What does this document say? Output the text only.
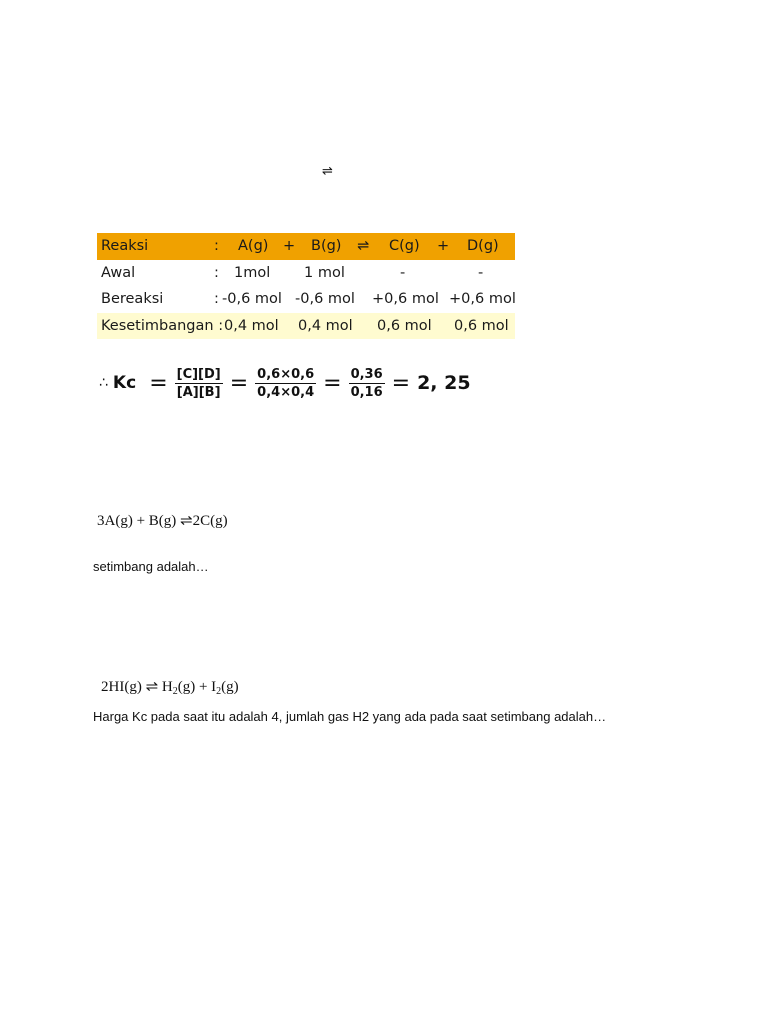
⇌
Reaksi	: A(g) + B(g) ⇌ C(g) + D(g)
Awal	: 1mol 1 mol	-	-
Bereaksi	: -0,6 mol -0,6 mol +0,6 mol +0,6 mol
Kesetimbangan : 0,4 mol 0,4 mol 0,6 mol 0,6 mol
∴ $Kc = \frac{[C][D]}{[A][B]} = \frac{0,6\times 0,6}{0,4\times 0,4} = \frac{0,36}{0,16} = 2$, 25
3A(g) + B(g) ⇌2C(g)
setimbang adalah…
2HI(g) ⇌ $H_2(g) + I_2(g)$
Harga Kc pada saat itu adalah 4, jumlah gas H2 yang ada pada saat setimbang adalah…
